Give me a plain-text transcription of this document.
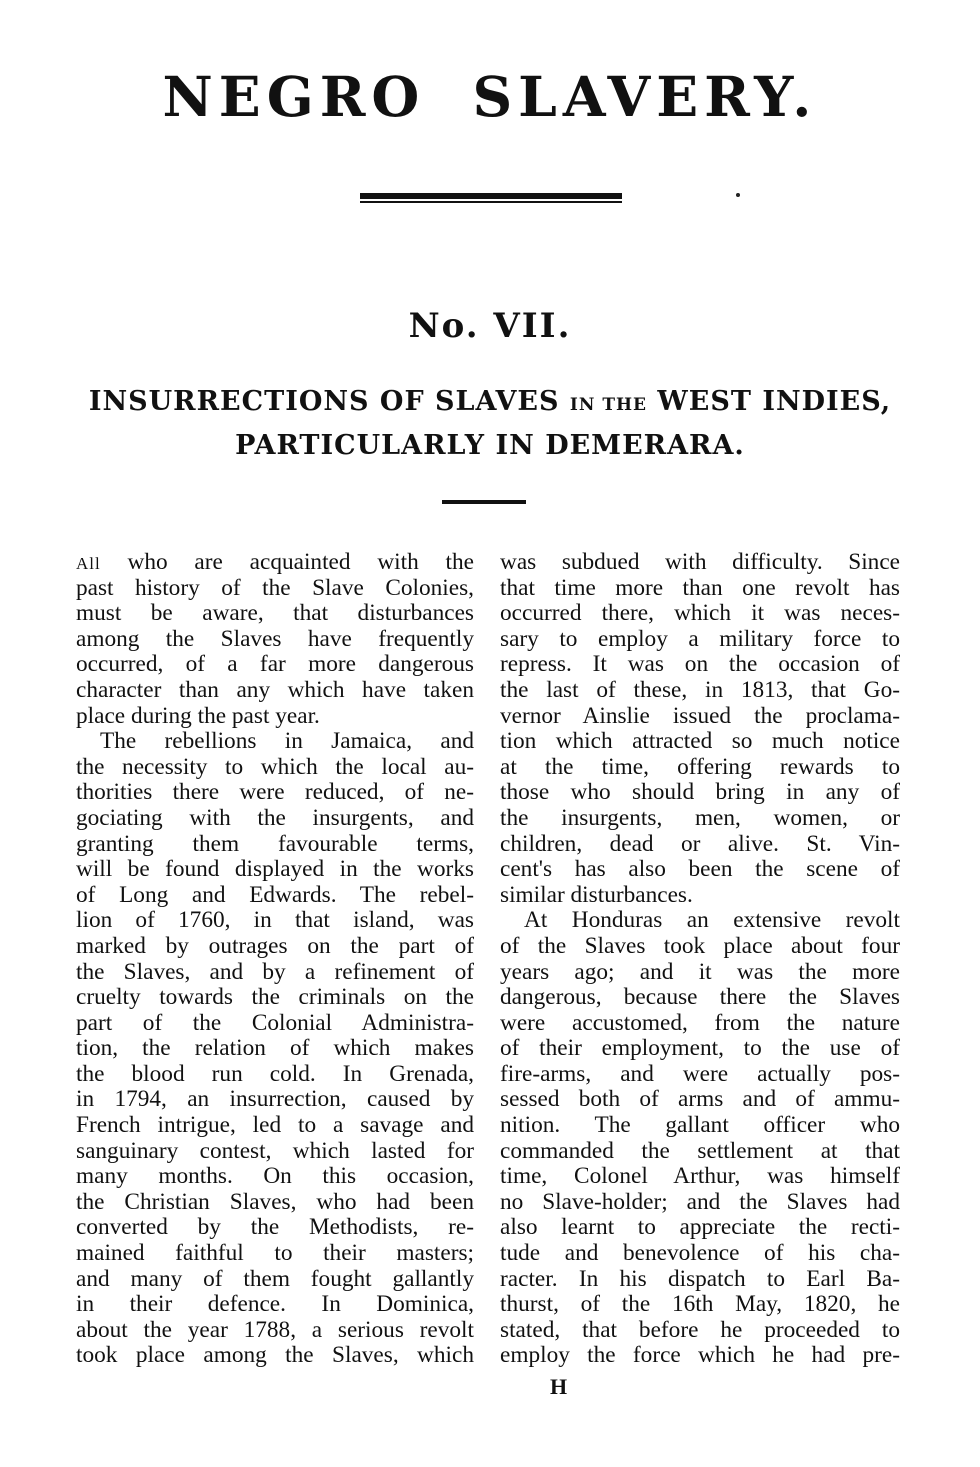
NEGRO SLAVERY.
No. VII.
INSURRECTIONS OF SLAVES IN THE WEST INDIES,
PARTICULARLY IN DEMERARA.
All who are acquainted with the
past history of the Slave Colonies,
must be aware, that disturbances
among the Slaves have frequently
occurred, of a far more dangerous
character than any which have taken
place during the past year.
The rebellions in Jamaica, and
the necessity to which the local au-
thorities there were reduced, of ne-
gociating with the insurgents, and
granting them favourable terms,
will be found displayed in the works
of Long and Edwards. The rebel-
lion of 1760, in that island, was
marked by outrages on the part of
the Slaves, and by a refinement of
cruelty towards the criminals on the
part of the Colonial Administra-
tion, the relation of which makes
the blood run cold. In Grenada,
in 1794, an insurrection, caused by
French intrigue, led to a savage and
sanguinary contest, which lasted for
many months. On this occasion,
the Christian Slaves, who had been
converted by the Methodists, re-
mained faithful to their masters;
and many of them fought gallantly
in their defence. In Dominica,
about the year 1788, a serious revolt
took place among the Slaves, which
was subdued with difficulty. Since
that time more than one revolt has
occurred there, which it was neces-
sary to employ a military force to
repress. It was on the occasion of
the last of these, in 1813, that Go-
vernor Ainslie issued the proclama-
tion which attracted so much notice
at the time, offering rewards to
those who should bring in any of
the insurgents, men, women, or
children, dead or alive. St. Vin-
cent's has also been the scene of
similar disturbances.
At Honduras an extensive revolt
of the Slaves took place about four
years ago; and it was the more
dangerous, because there the Slaves
were accustomed, from the nature
of their employment, to the use of
fire-arms, and were actually pos-
sessed both of arms and of ammu-
nition. The gallant officer who
commanded the settlement at that
time, Colonel Arthur, was himself
no Slave-holder; and the Slaves had
also learnt to appreciate the recti-
tude and benevolence of his cha-
racter. In his dispatch to Earl Ba-
thurst, of the 16th May, 1820, he
stated, that before he proceeded to
employ the force which he had pre-
H
